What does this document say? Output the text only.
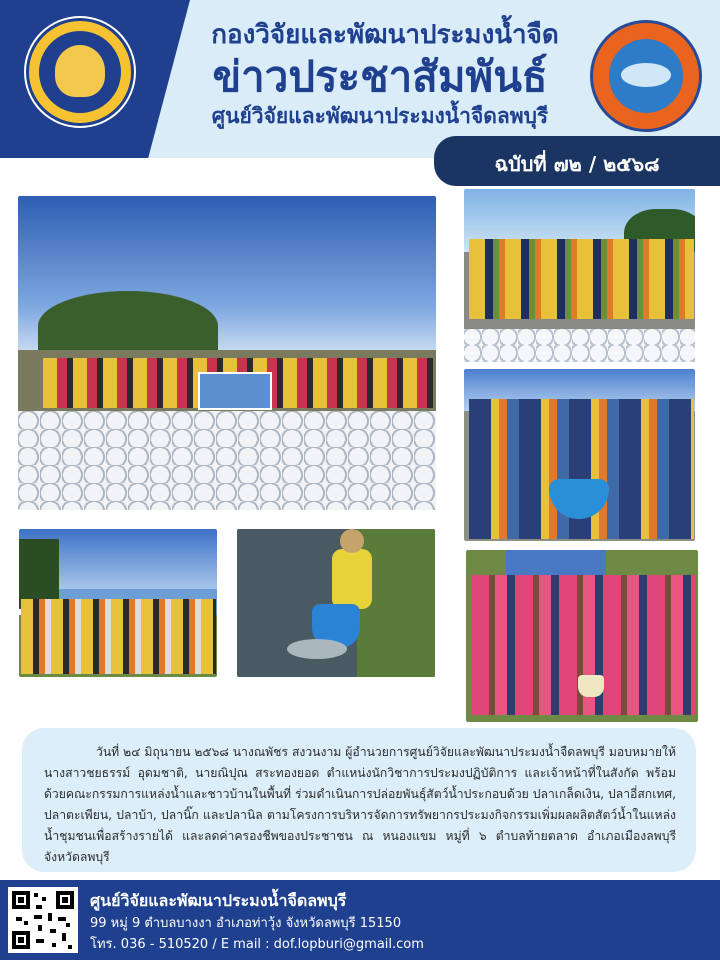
กองวิจัยและพัฒนาประมงน้ำจืด
ข่าวประชาสัมพันธ์
ศูนย์วิจัยและพัฒนาประมงน้ำจืดลพบุรี
ฉบับที่ ๗๒ / ๒๕๖๘

วันที่ ๒๔ มิถุนายน ๒๕๖๘ นางณพัชร สงวนงาม ผู้อำนวยการศูนย์วิจัยและพัฒนาประมงน้ำจืดลพบุรี มอบหมายให้ นางสาวชยธรรม์ อุดมชาติ, นายณิปุณ สระทองยอด ตำแหน่งนักวิชาการประมงปฏิบัติการ และเจ้าหน้าที่ในสังกัด พร้อมด้วยคณะกรรมการแหล่งน้ำและชาวบ้านในพื้นที่ ร่วมดำเนินการปล่อยพันธุ์สัตว์น้ำประกอบด้วย ปลาเกล็ดเงิน, ปลาอี่สกเทศ, ปลาตะเพียน, ปลาบ้า, ปลานิ๊ก และปลานิล ตามโครงการบริหารจัดการทรัพยากรประมงกิจกรรมเพิ่มผลผลิตสัตว์น้ำในแหล่งน้ำชุมชนเพื่อสร้างรายได้ และลดค่าครองชีพของประชาชน ณ หนองแขม หมู่ที่ ๖ ตำบลท้ายตลาด อำเภอเมืองลพบุรี จังหวัดลพบุรี

ศูนย์วิจัยและพัฒนาประมงน้ำจืดลพบุรี
99 หมู่ 9 ตำบลบางงา อำเภอท่าวุ้ง จังหวัดลพบุรี 15150
โทร. 036 - 510520 / E mail : dof.lopburi@gmail.com
